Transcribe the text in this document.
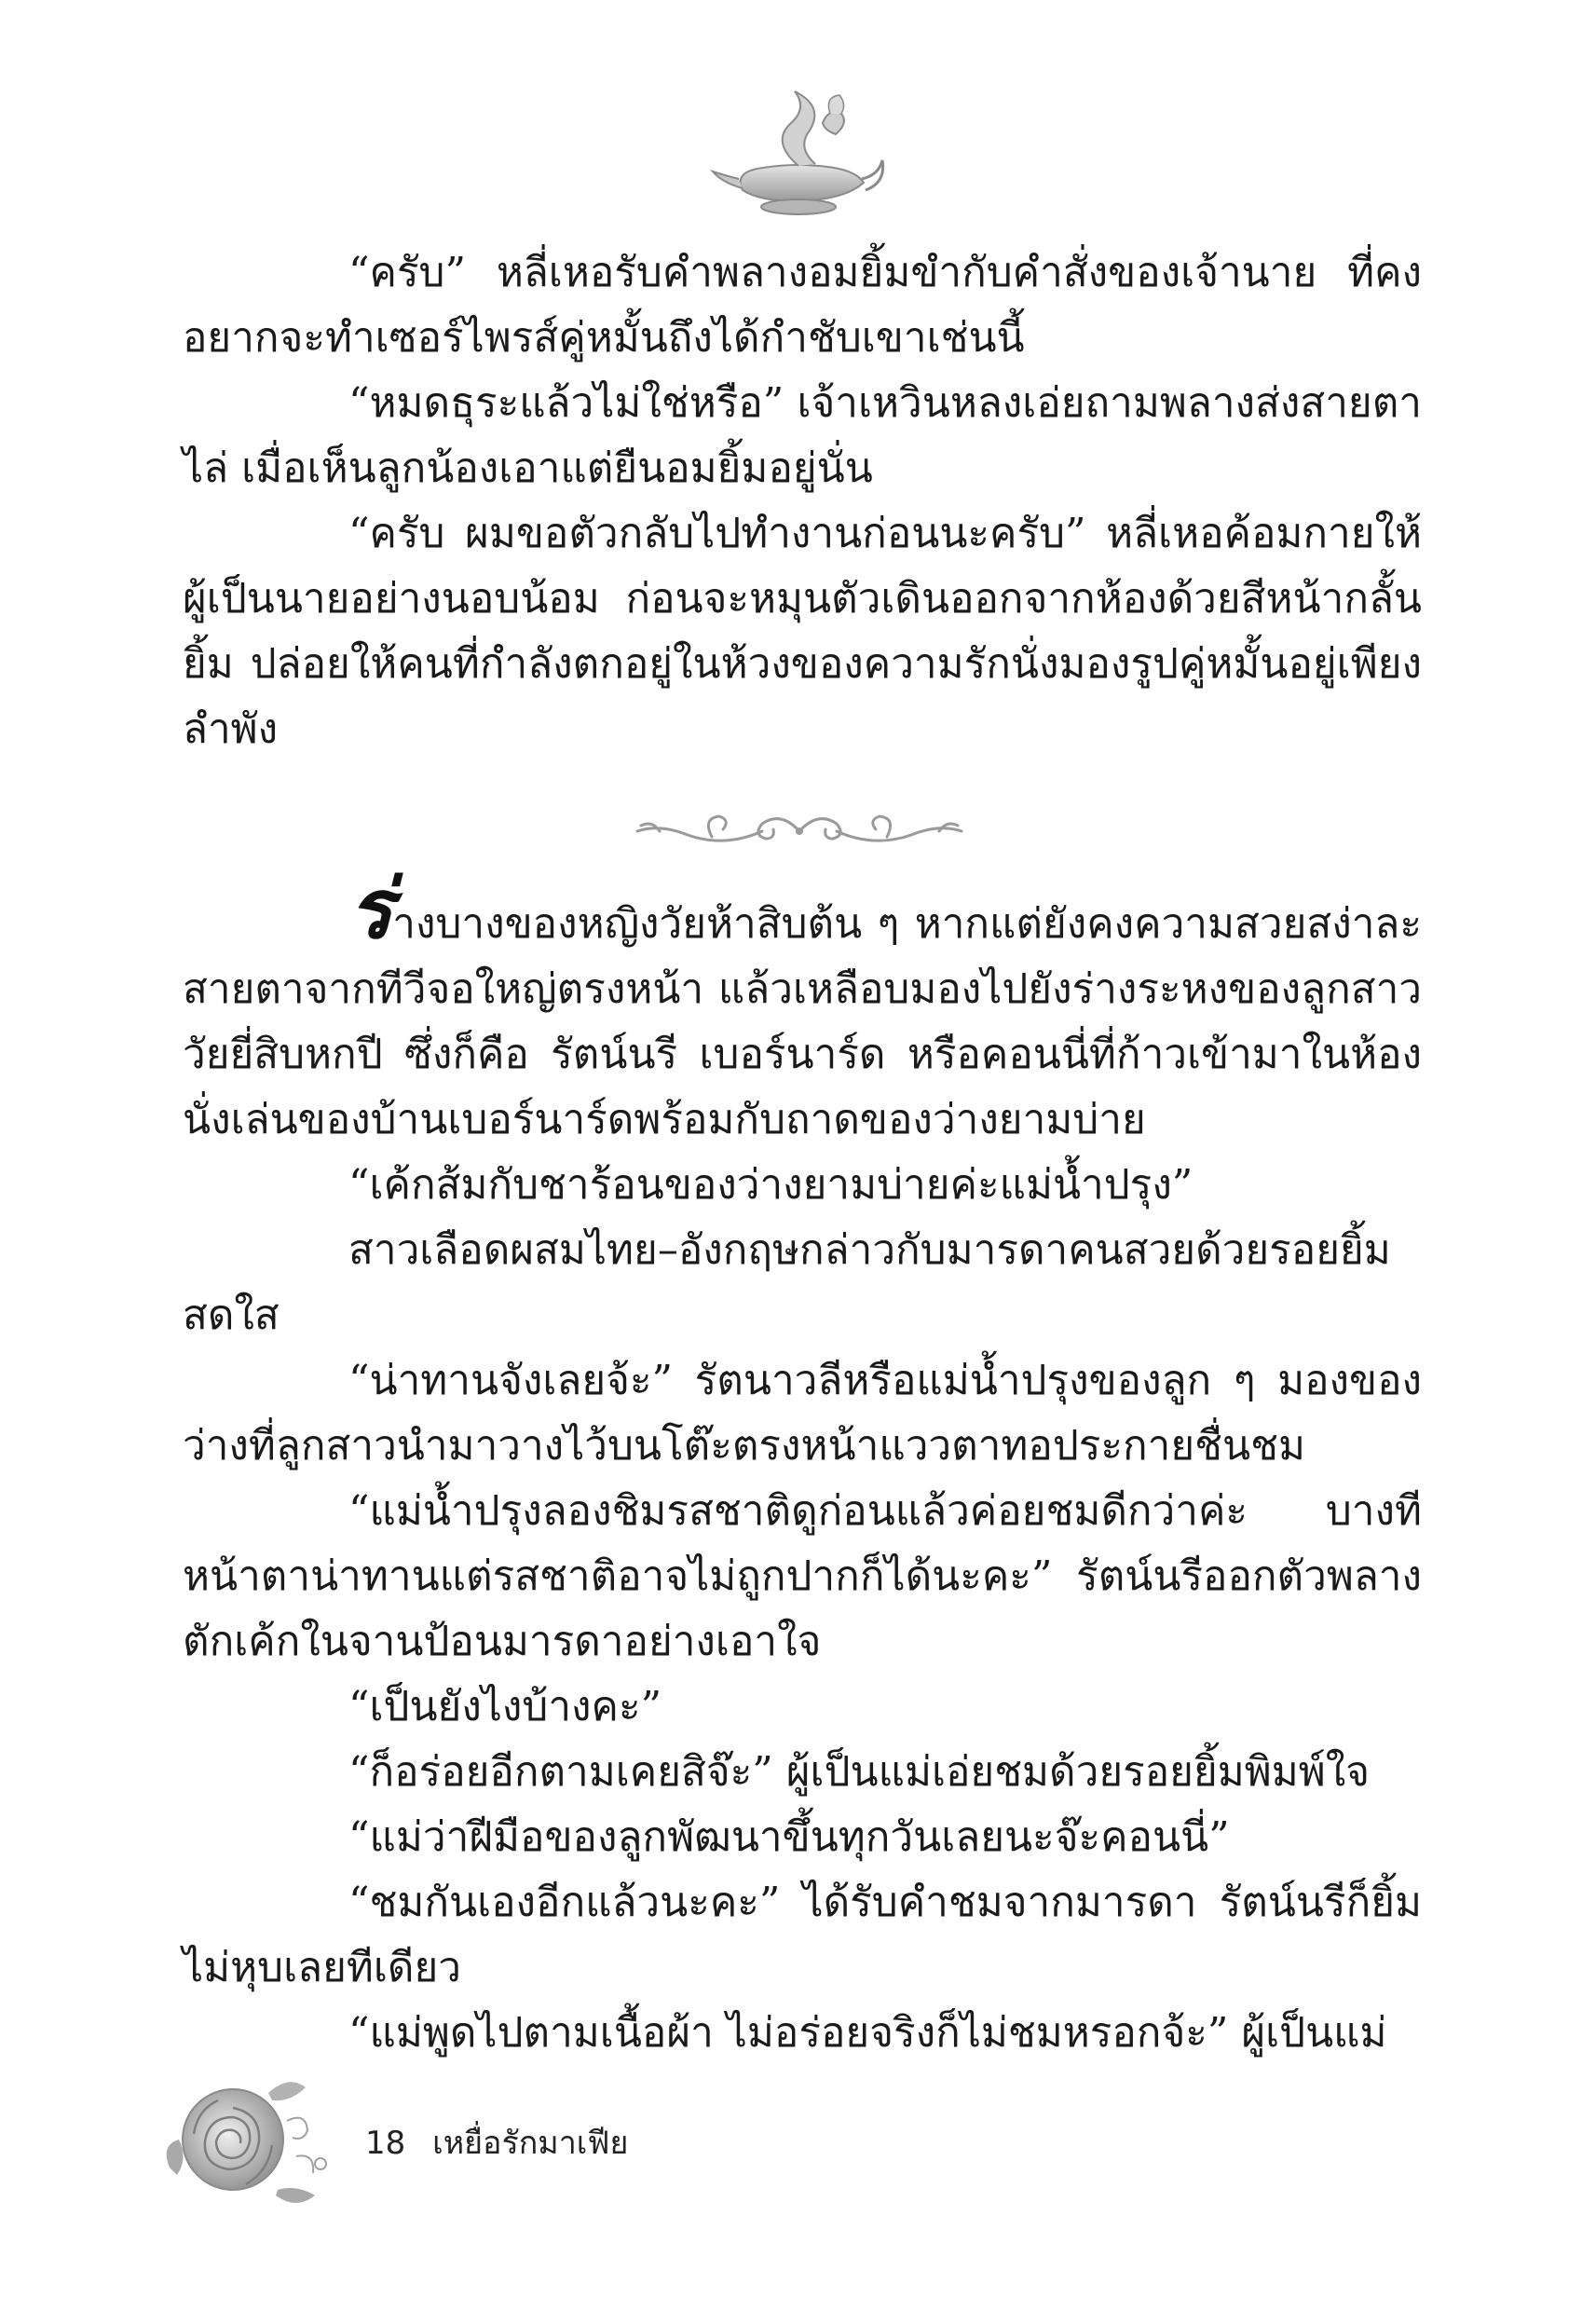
“ครับ” หลี่เหอรับคำพลางอมยิ้มขำกับคำสั่งของเจ้านาย ที่คงอยากจะทำเซอร์ไพรส์คู่หมั้นถึงได้กำชับเขาเช่นนี้

“หมดธุระแล้วไม่ใช่หรือ” เจ้าเหวินหลงเอ่ยถามพลางส่งสายตาไล่ เมื่อเห็นลูกน้องเอาแต่ยืนอมยิ้มอยู่นั่น

“ครับ ผมขอตัวกลับไปทำงานก่อนนะครับ” หลี่เหอค้อมกายให้ผู้เป็นนายอย่างนอบน้อม ก่อนจะหมุนตัวเดินออกจากห้องด้วยสีหน้ากลั้นยิ้ม ปล่อยให้คนที่กำลังตกอยู่ในห้วงของความรักนั่งมองรูปคู่หมั้นอยู่เพียงลำพัง

ร่างบางของหญิงวัยห้าสิบต้น ๆ หากแต่ยังคงความสวยสง่าละสายตาจากทีวีจอใหญ่ตรงหน้า แล้วเหลือบมองไปยังร่างระหงของลูกสาววัยยี่สิบหกปี ซึ่งก็คือ รัตน์นรี เบอร์นาร์ด หรือคอนนี่ที่ก้าวเข้ามาในห้องนั่งเล่นของบ้านเบอร์นาร์ดพร้อมกับถาดของว่างยามบ่าย

“เค้กส้มกับชาร้อนของว่างยามบ่ายค่ะแม่น้ำปรุง”

สาวเลือดผสมไทย–อังกฤษกล่าวกับมารดาคนสวยด้วยรอยยิ้มสดใส

“น่าทานจังเลยจ้ะ” รัตนาวลีหรือแม่น้ำปรุงของลูก ๆ มองของว่างที่ลูกสาวนำมาวางไว้บนโต๊ะตรงหน้าแววตาทอประกายชื่นชม

“แม่น้ำปรุงลองชิมรสชาติดูก่อนแล้วค่อยชมดีกว่าค่ะ บางทีหน้าตาน่าทานแต่รสชาติอาจไม่ถูกปากก็ได้นะคะ” รัตน์นรีออกตัวพลางตักเค้กในจานป้อนมารดาอย่างเอาใจ

“เป็นยังไงบ้างคะ”

“ก็อร่อยอีกตามเคยสิจ๊ะ” ผู้เป็นแม่เอ่ยชมด้วยรอยยิ้มพิมพ์ใจ

“แม่ว่าฝีมือของลูกพัฒนาขึ้นทุกวันเลยนะจ๊ะคอนนี่”

“ชมกันเองอีกแล้วนะคะ” ได้รับคำชมจากมารดา รัตน์นรีก็ยิ้มไม่หุบเลยทีเดียว

“แม่พูดไปตามเนื้อผ้า ไม่อร่อยจริงก็ไม่ชมหรอกจ้ะ” ผู้เป็นแม่

18 เหยื่อรักมาเฟีย
